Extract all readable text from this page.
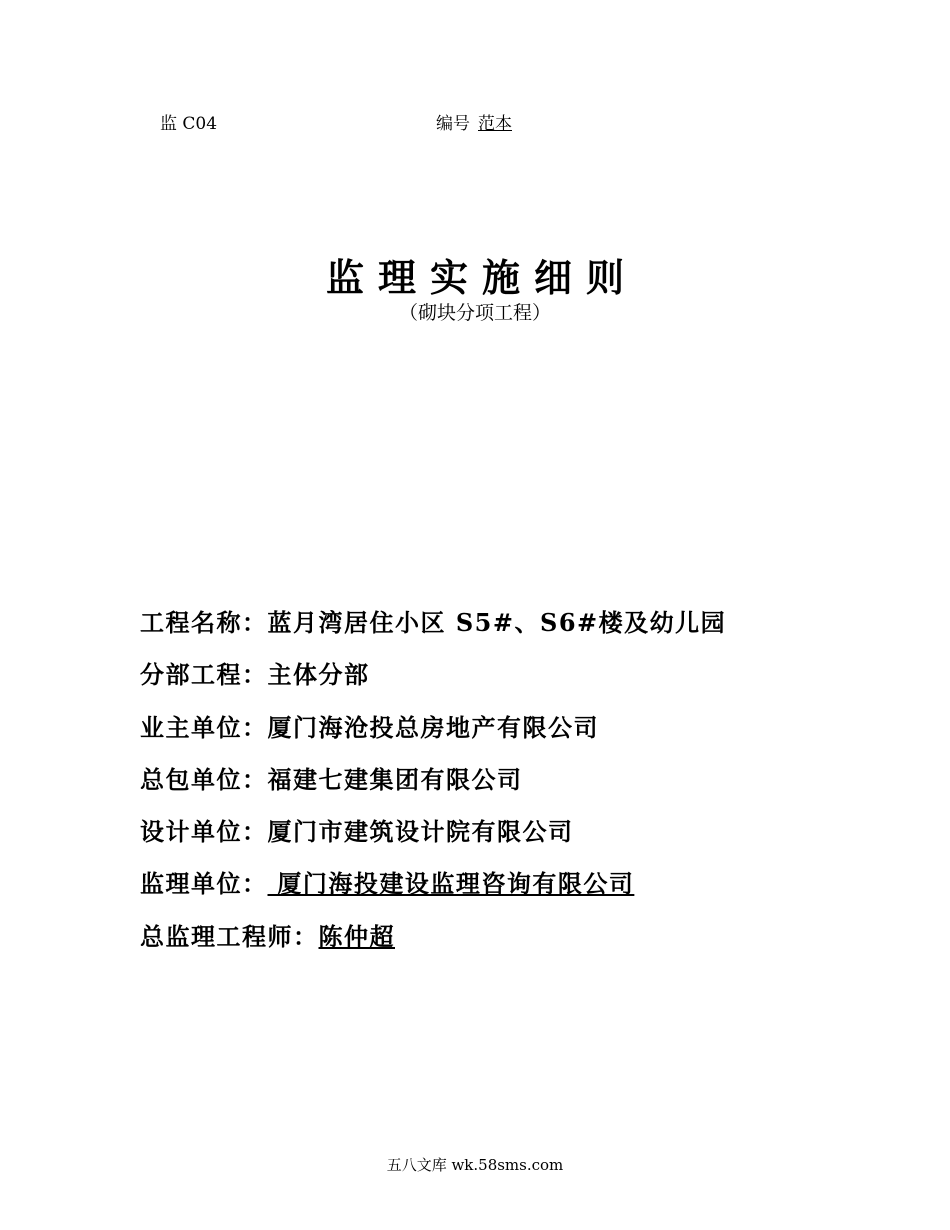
监 C04	编号 范本
监理实施细则
（砌块分项工程）
工程名称：蓝月湾居住小区 S5#、S6#楼及幼儿园
分部工程：主体分部
业主单位：厦门海沧投总房地产有限公司
总包单位：福建七建集团有限公司
设计单位：厦门市建筑设计院有限公司
监理单位： 厦门海投建设监理咨询有限公司
总监理工程师：陈仲超
五八文库 wk.58sms.com
